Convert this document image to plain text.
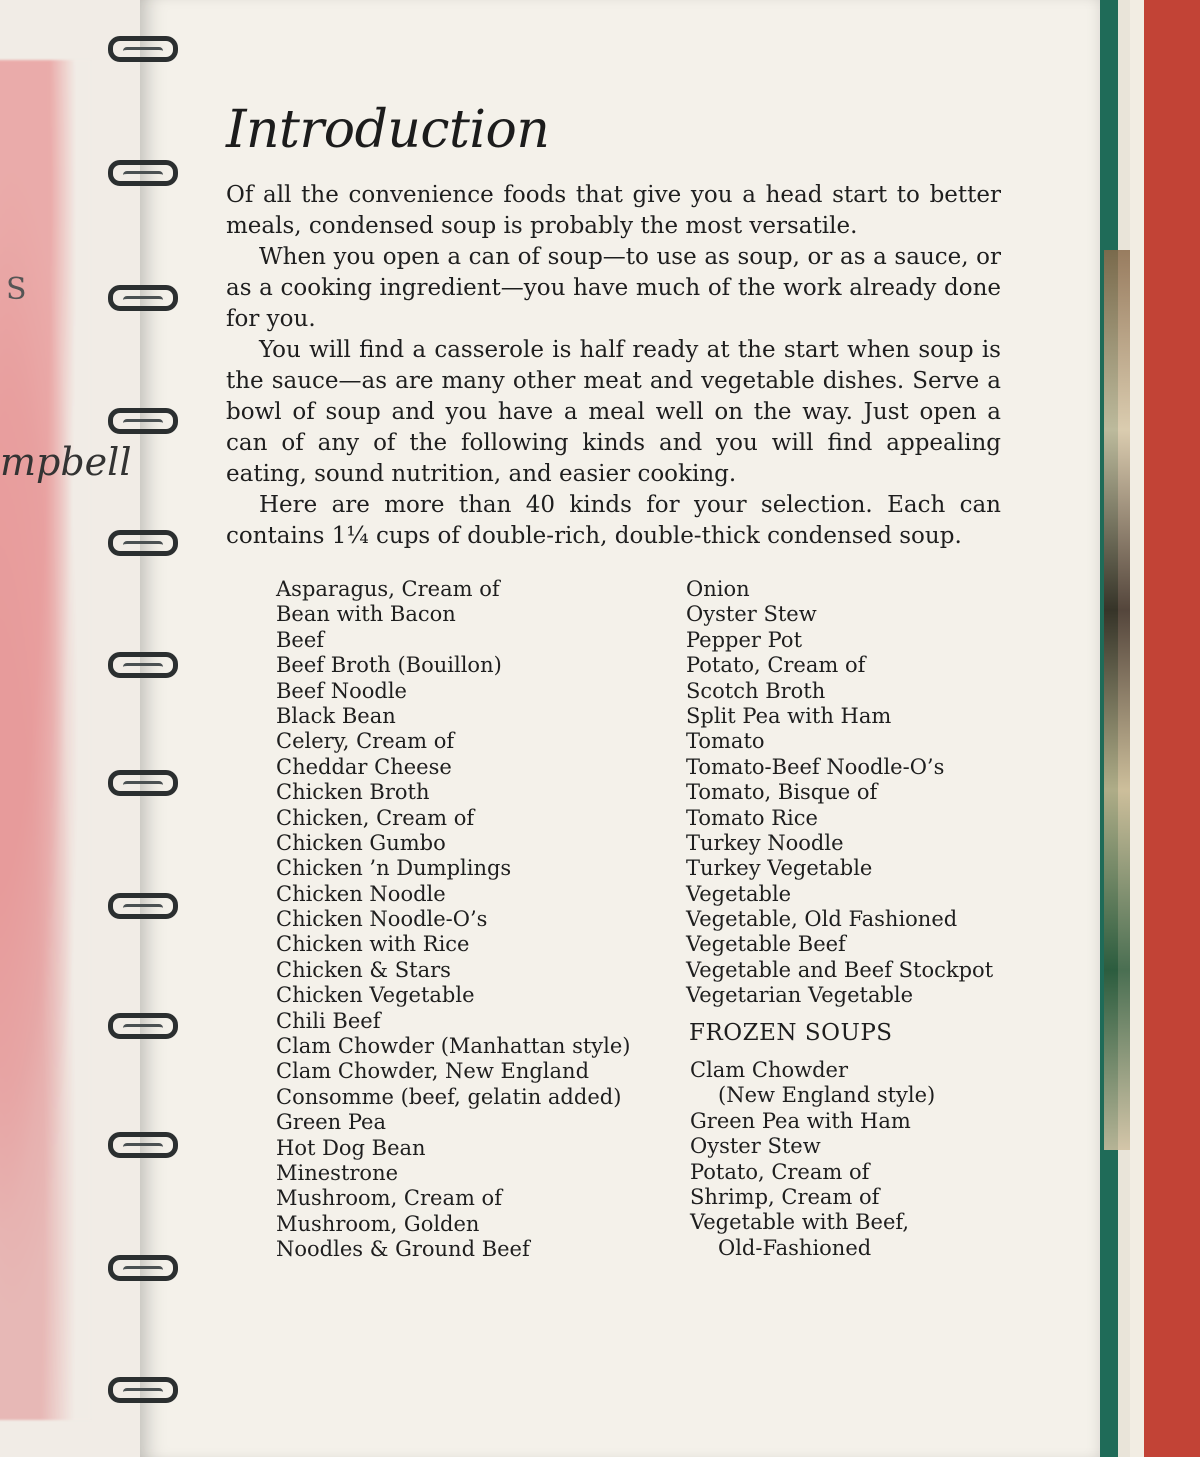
S
mpbell
Introduction

Of all the convenience foods that give you a head start to better meals, condensed soup is probably the most versatile.

When you open a can of soup—to use as soup, or as a sauce, or as a cooking ingredient—you have much of the work already done for you.

You will find a casserole is half ready at the start when soup is the sauce—as are many other meat and vegetable dishes. Serve a bowl of soup and you have a meal well on the way. Just open a can of any of the following kinds and you will find appealing eating, sound nutrition, and easier cooking.

Here are more than 40 kinds for your selection. Each can contains 1¼ cups of double-rich, double-thick condensed soup.

Asparagus, Cream of
Bean with Bacon
Beef
Beef Broth (Bouillon)
Beef Noodle
Black Bean
Celery, Cream of
Cheddar Cheese
Chicken Broth
Chicken, Cream of
Chicken Gumbo
Chicken ’n Dumplings
Chicken Noodle
Chicken Noodle-O’s
Chicken with Rice
Chicken & Stars
Chicken Vegetable
Chili Beef
Clam Chowder (Manhattan style)
Clam Chowder, New England
Consomme (beef, gelatin added)
Green Pea
Hot Dog Bean
Minestrone
Mushroom, Cream of
Mushroom, Golden
Noodles & Ground Beef
Onion
Oyster Stew
Pepper Pot
Potato, Cream of
Scotch Broth
Split Pea with Ham
Tomato
Tomato-Beef Noodle-O’s
Tomato, Bisque of
Tomato Rice
Turkey Noodle
Turkey Vegetable
Vegetable
Vegetable, Old Fashioned
Vegetable Beef
Vegetable and Beef Stockpot
Vegetarian Vegetable
FROZEN SOUPS
Clam Chowder
(New England style)
Green Pea with Ham
Oyster Stew
Potato, Cream of
Shrimp, Cream of
Vegetable with Beef,
Old-Fashioned
